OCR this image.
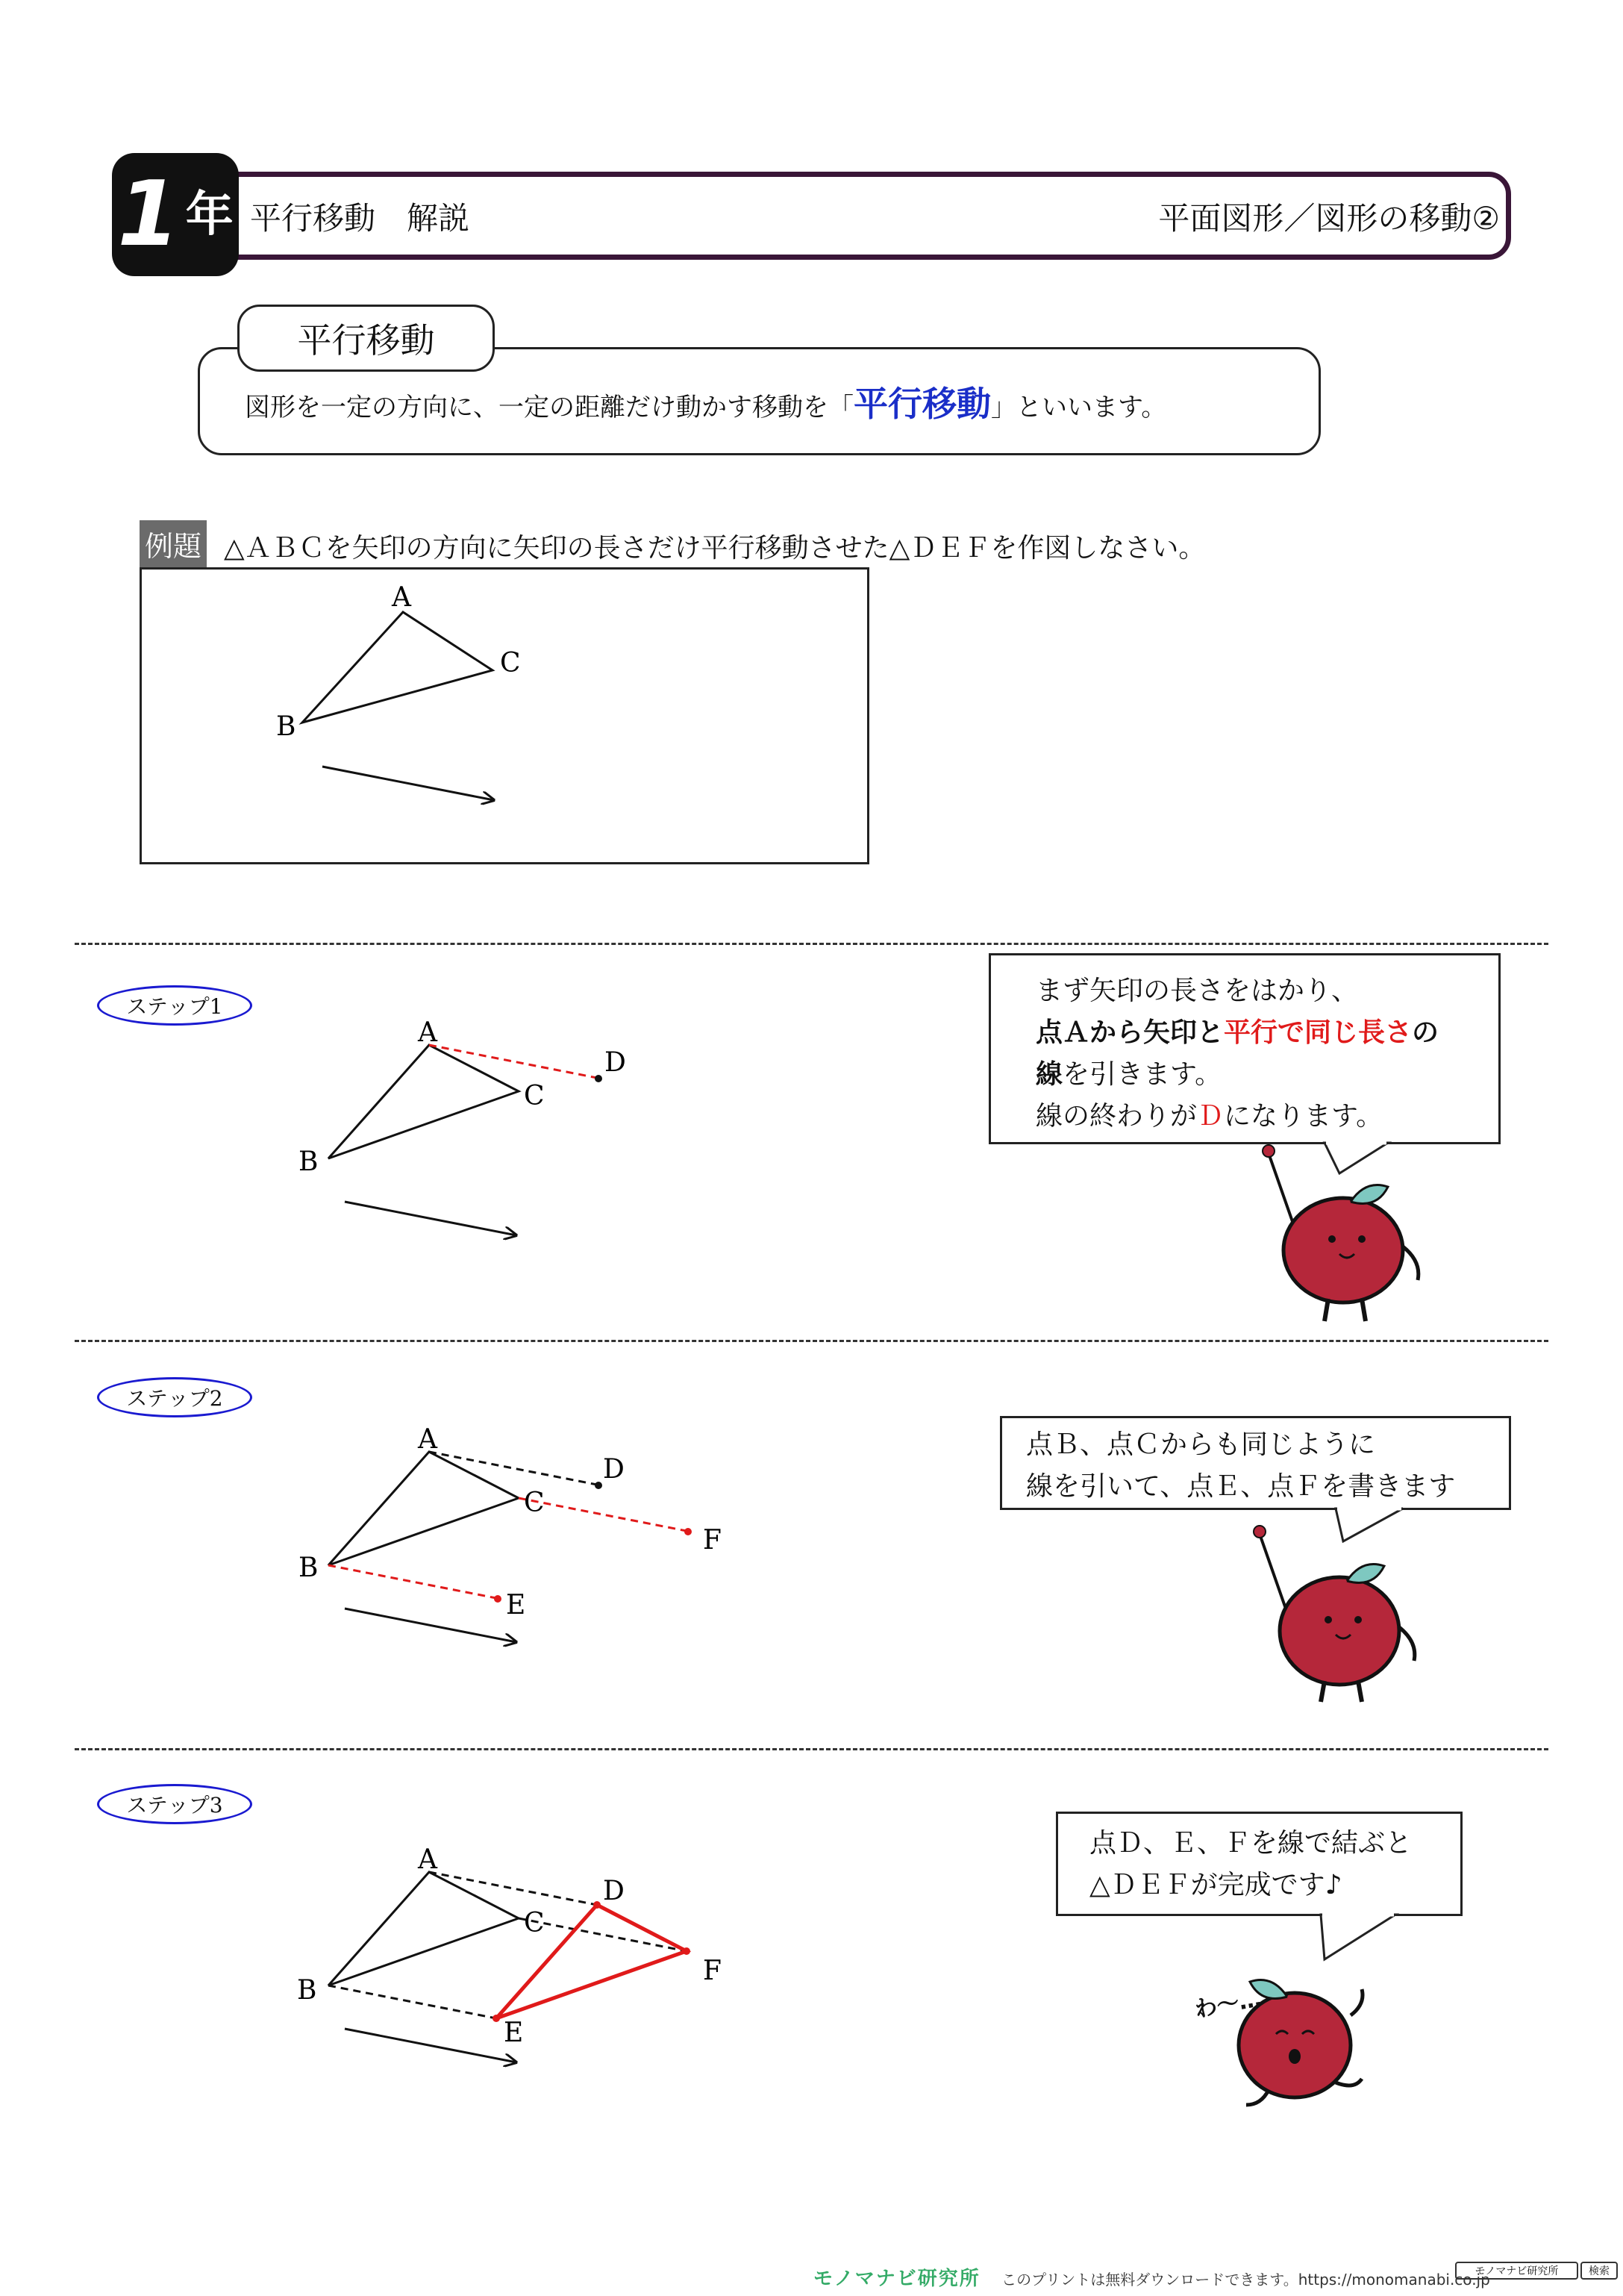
1 年 平行移動　解説	平面図形／図形の移動②
平行移動
図形を一定の方向に、一定の距離だけ動かす移動を「平行移動」といいます。
例題 △ＡＢＣを矢印の方向に矢印の長さだけ平行移動させた△ＤＥＦを作図しなさい。
A
C
B
A
D
C
B
A
D
C
F
B
E
A
D
C
F
B
E
ステップ1
ステップ2
ステップ3
まず矢印の長さをはかり、
点Ａから矢印と平行で同じ長さの
線を引きます。
線の終わりがＤになります。
点Ｂ、点Ｃからも同じように
線を引いて、点Ｅ、点Ｆを書きます
点Ｄ、Ｅ、Ｆを線で結ぶと
△ＤＥＦが完成です♪
わ～…
モノマナビ研究所 このプリントは無料ダウンロードできます。https://monomanabi.co.jp
モノマナビ研究所	検索
